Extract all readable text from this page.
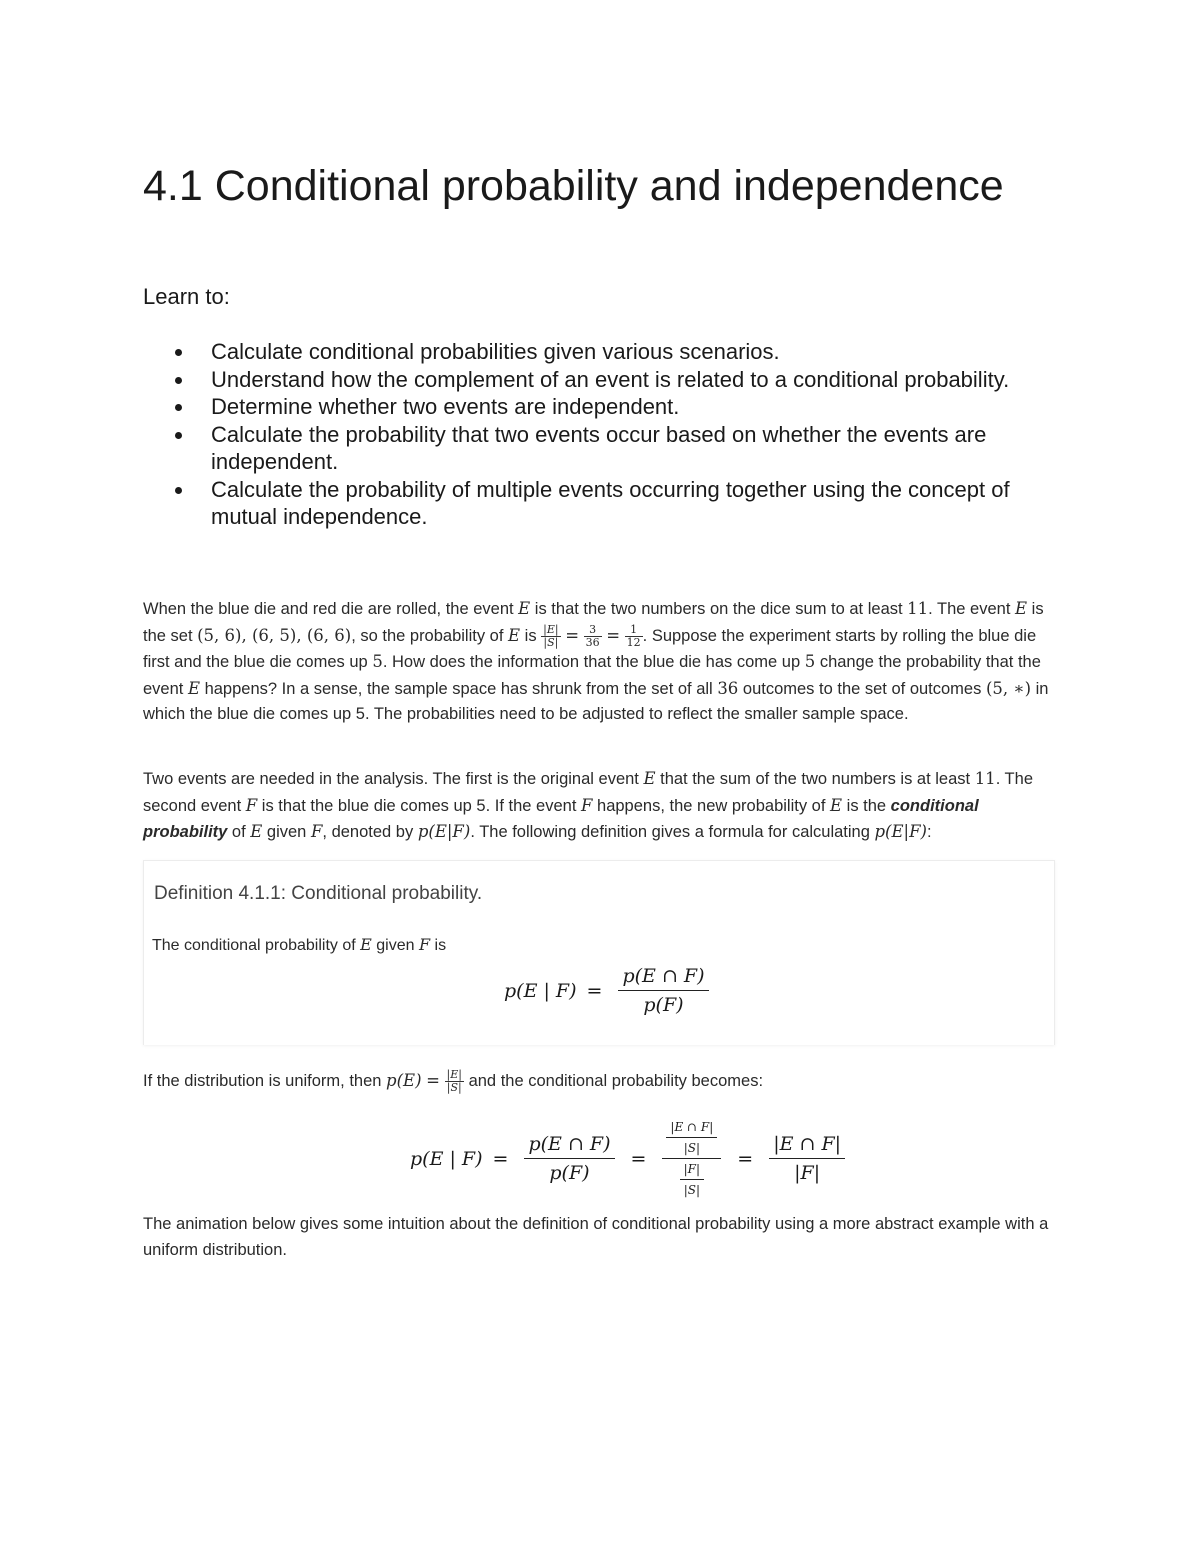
4.1 Conditional probability and independence

Learn to:

Calculate conditional probabilities given various scenarios.
Understand how the complement of an event is related to a conditional probability.
Determine whether two events are independent.
Calculate the probability that two events occur based on whether the events are independent.
Calculate the probability of multiple events occurring together using the concept of mutual independence.

When the blue die and red die are rolled, the event E is that the two numbers on the dice sum to at least 11. The event E is the set (5, 6), (6, 5), (6, 6), so the probability of E is $\frac{|E|}{|S|} = \frac{3}{36} = \frac{1}{12}$ . Suppose the experiment starts by rolling the blue die first and the blue die comes up 5. How does the information that the blue die has come up 5 change the probability that the event E happens? In a sense, the sample space has shrunk from the set of all 36 outcomes to the set of outcomes (5, ∗) in which the blue die comes up 5. The probabilities need to be adjusted to reflect the smaller sample space.

Two events are needed in the analysis. The first is the original event E that the sum of the two numbers is at least 11. The second event F is that the blue die comes up 5. If the event F happens, the new probability of E is the conditional probability of E given F, denoted by p(E|F). The following definition gives a formula for calculating p(E|F):

Definition 4.1.1: Conditional probability.

The conditional probability of E given F is

p(E | $F) = \frac{p(E \cap F)}{p(F)}$

If the distribution is uniform, then $p(E) = \frac{|E|}{|S|}$ and the conditional probability becomes:

p(E | $F) = \frac{p(E \cap F)}{p(F)} = \frac{\frac{|E \cap F|}{|S|}}{\frac{|F|}{|S|}} = \frac{|E \cap F|}{|F|}$

The animation below gives some intuition about the definition of conditional probability using a more abstract example with a uniform distribution.
